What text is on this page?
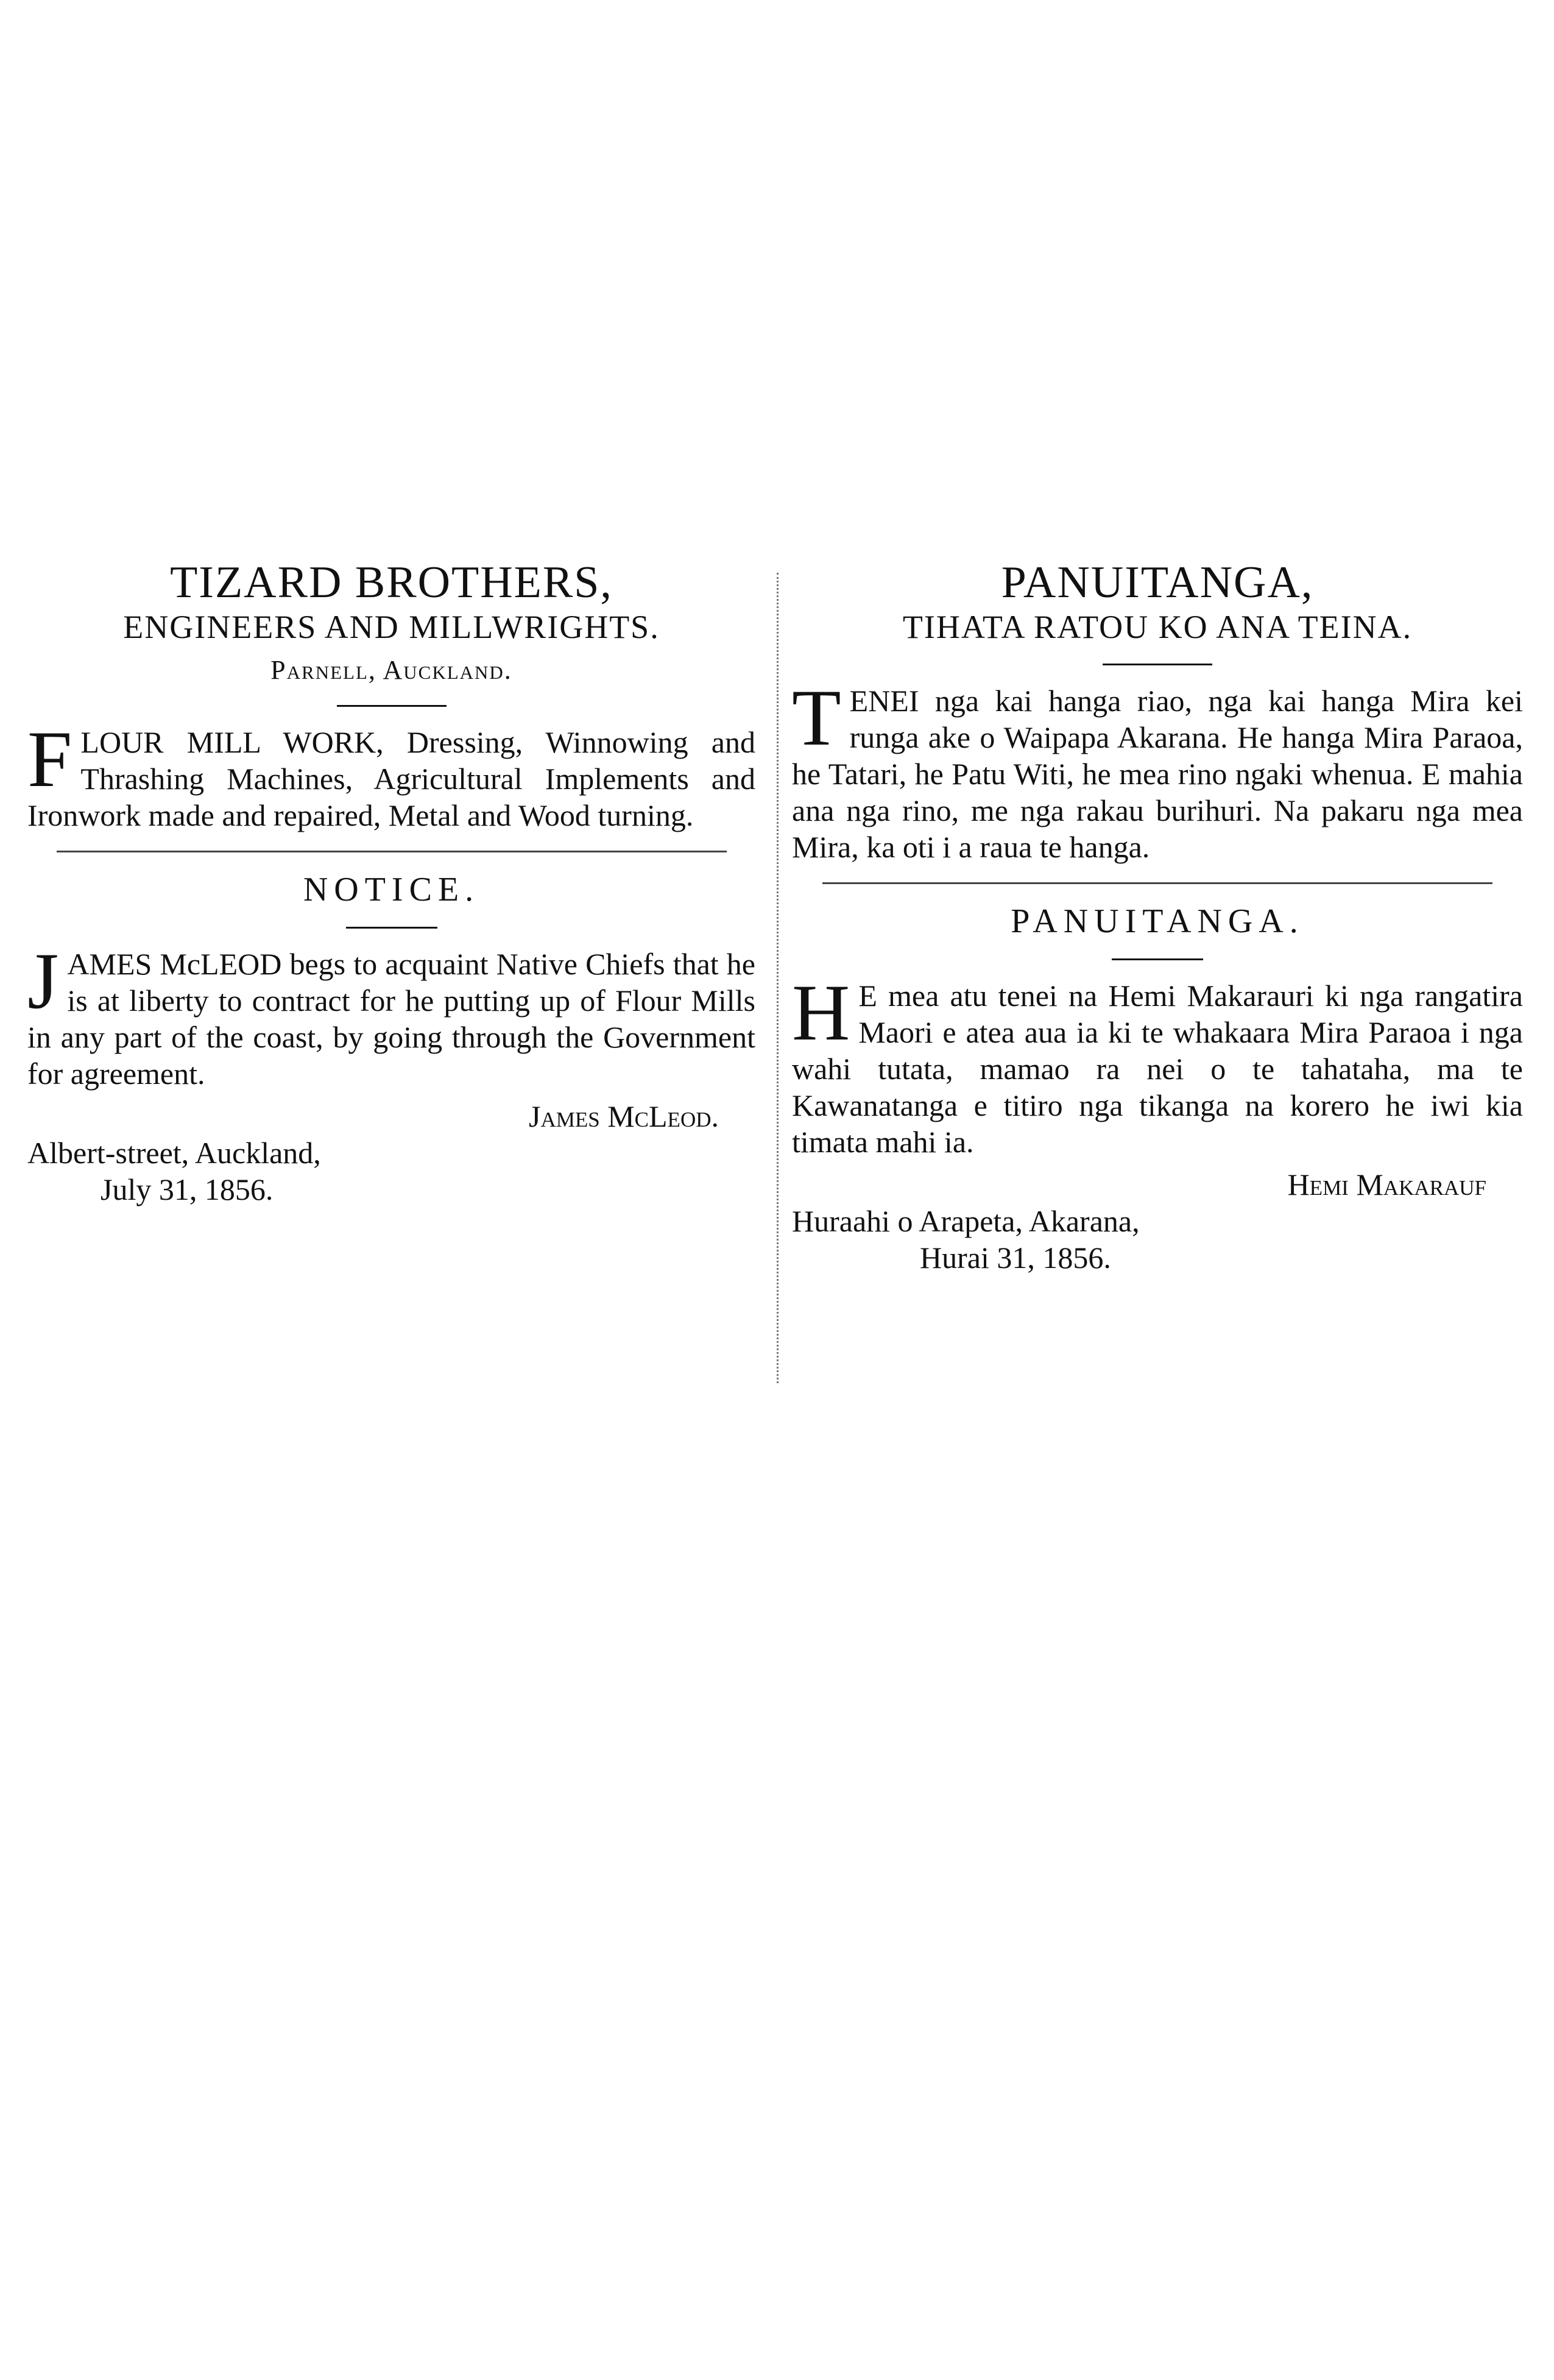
TIZARD BROTHERS,

ENGINEERS AND MILLWRIGHTS.

Parnell, Auckland.
F LOUR MILL WORK, Dressing, Winnowing and Thrashing Machines, Agricultural Implements and Ironwork made and repaired, Metal and Wood turning.

NOTICE.

J AMES McLEOD begs to acquaint Native Chiefs that he is at liberty to contract for he putting up of Flour Mills in any part of the coast, by going through the Government for agreement.

James McLeod.

Albert-street, Auckland,

July 31, 1856.

PANUITANGA,

TIHATA RATOU KO ANA TEINA.

T ENEI nga kai hanga riao, nga kai hanga Mira kei runga ake o Waipapa Akarana. He hanga Mira Paraoa, he Tatari, he Patu Witi, he mea rino ngaki whenua. E mahia ana nga rino, me nga rakau burihuri. Na pakaru nga mea Mira, ka oti i a raua te hanga.

PANUITANGA.

H E mea atu tenei na Hemi Makarauri ki nga rangatira Maori e atea aua ia ki te whakaara Mira Paraoa i nga wahi tutata, mamao ra nei o te tahataha, ma te Kawanatanga e titiro nga tikanga na korero he iwi kia timata mahi ia.

Hemi Makarauf

Huraahi o Arapeta, Akarana,

Hurai 31, 1856.
